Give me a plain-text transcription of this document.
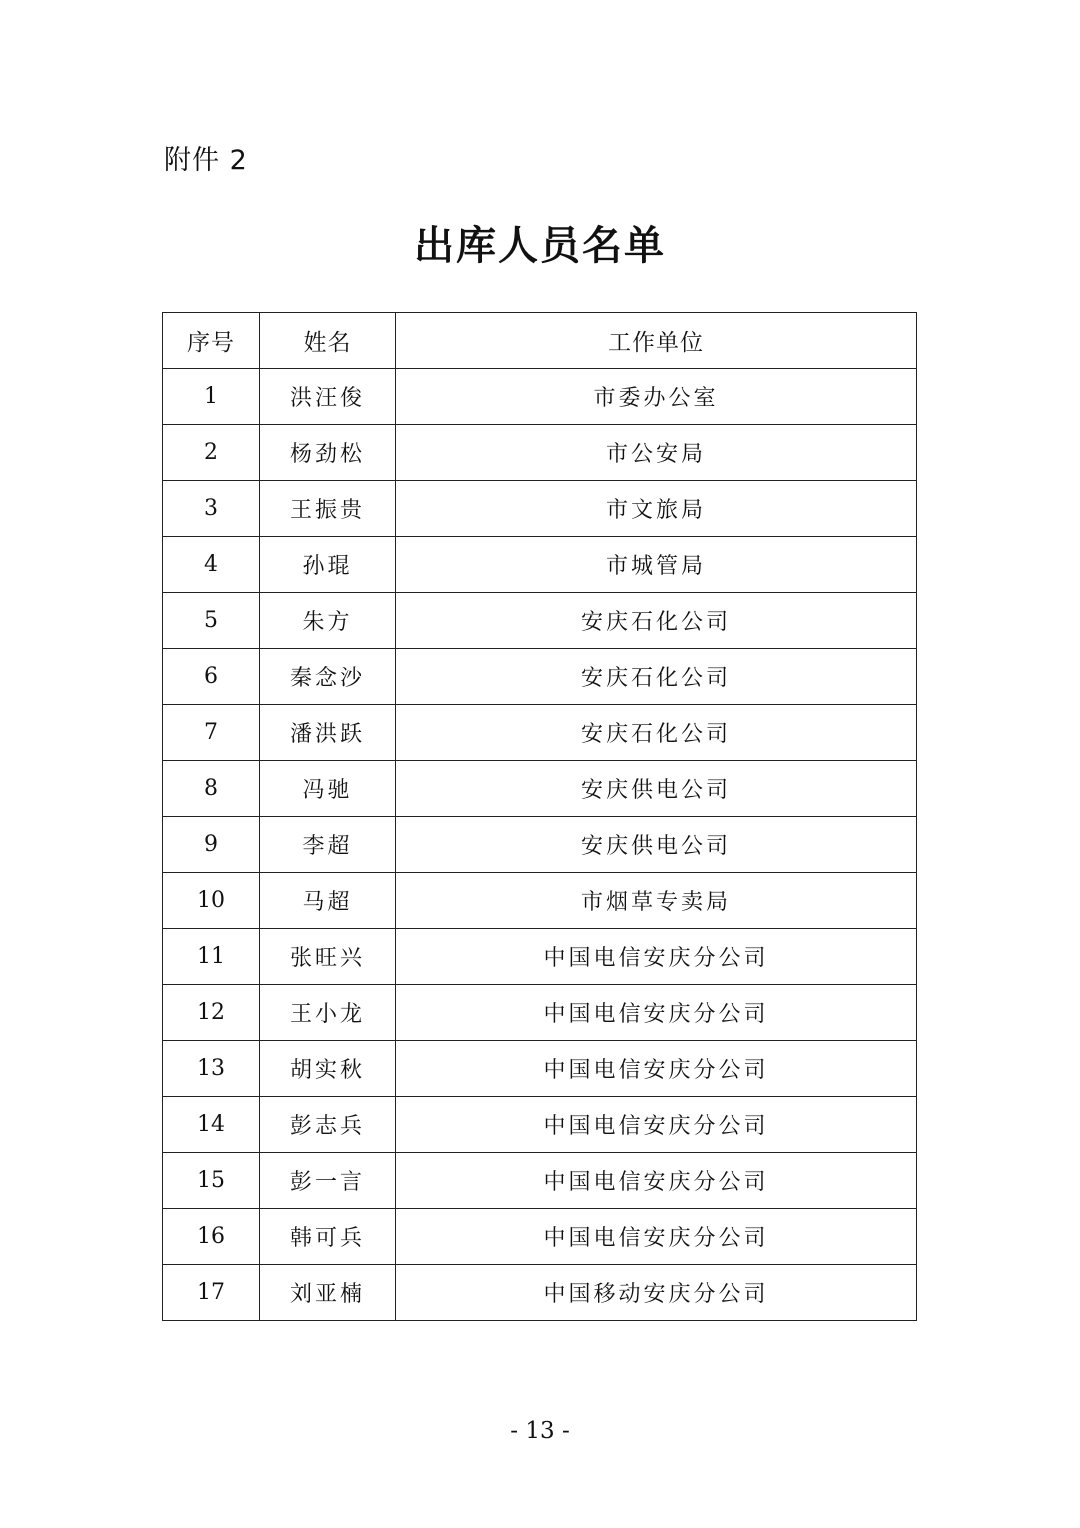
附件 2
出库人员名单
序号	姓名	工作单位
1	洪汪俊	市委办公室
2	杨劲松	市公安局
3	王振贵	市文旅局
4	孙琨	市城管局
5	朱方	安庆石化公司
6	秦念沙	安庆石化公司
7	潘洪跃	安庆石化公司
8	冯驰	安庆供电公司
9	李超	安庆供电公司
10	马超	市烟草专卖局
11	张旺兴	中国电信安庆分公司
12	王小龙	中国电信安庆分公司
13	胡实秋	中国电信安庆分公司
14	彭志兵	中国电信安庆分公司
15	彭一言	中国电信安庆分公司
16	韩可兵	中国电信安庆分公司
17	刘亚楠	中国移动安庆分公司
- 13 -
